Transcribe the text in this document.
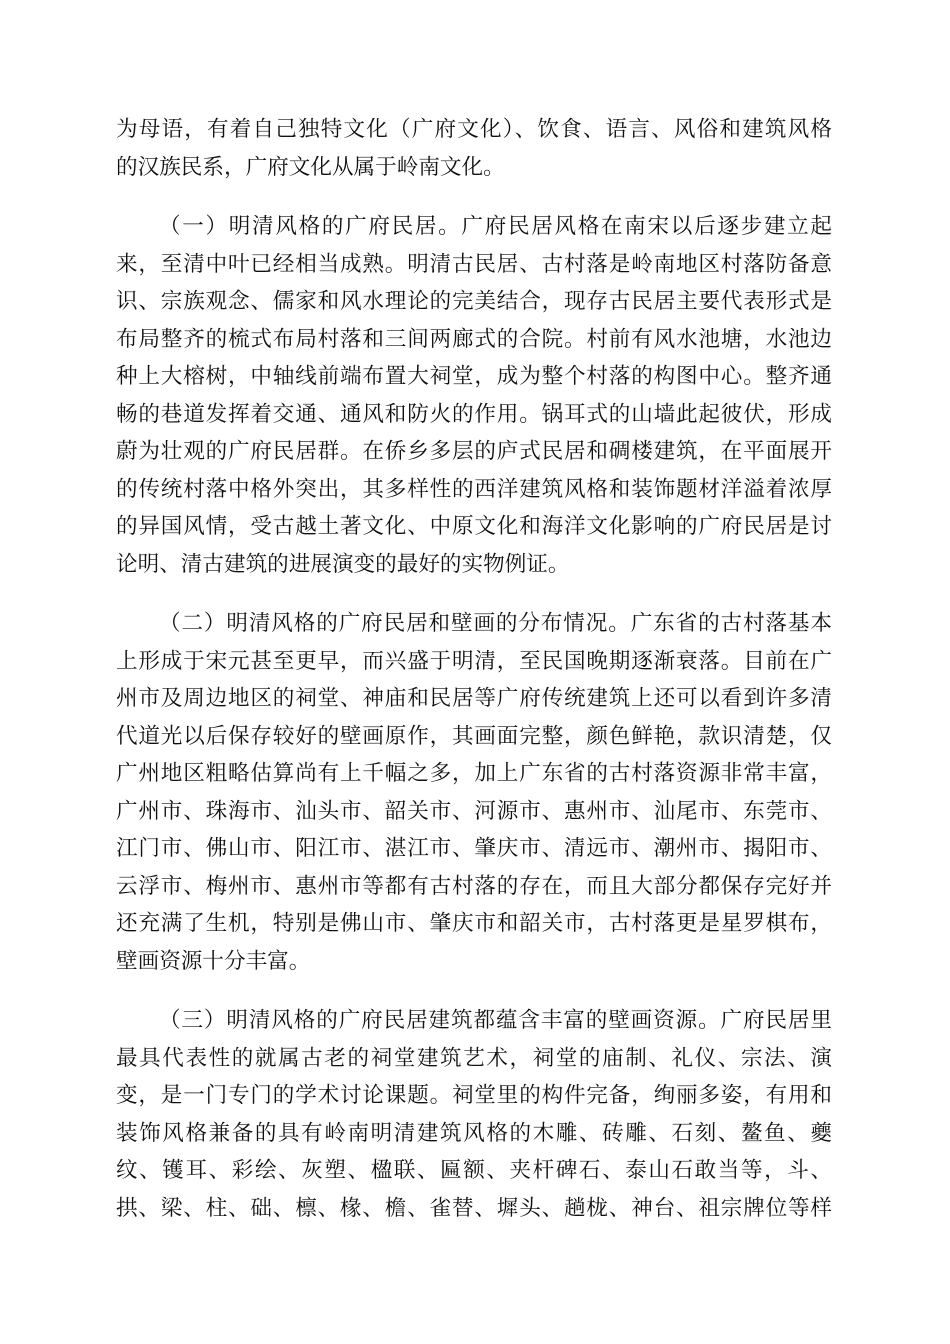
为母语，有着自己独特文化（广府文化）、饮食、语言、风俗和建筑风格
的汉族民系，广府文化从属于岭南文化。
（一）明清风格的广府民居。广府民居风格在南宋以后逐步建立起
来，至清中叶已经相当成熟。明清古民居、古村落是岭南地区村落防备意
识、宗族观念、儒家和风水理论的完美结合，现存古民居主要代表形式是
布局整齐的梳式布局村落和三间两廊式的合院。村前有风水池塘，水池边
种上大榕树，中轴线前端布置大祠堂，成为整个村落的构图中心。整齐通
畅的巷道发挥着交通、通风和防火的作用。锅耳式的山墙此起彼伏，形成
蔚为壮观的广府民居群。在侨乡多层的庐式民居和碉楼建筑，在平面展开
的传统村落中格外突出，其多样性的西洋建筑风格和装饰题材洋溢着浓厚
的异国风情，受古越土著文化、中原文化和海洋文化影响的广府民居是讨
论明、清古建筑的进展演变的最好的实物例证。
（二）明清风格的广府民居和壁画的分布情况。广东省的古村落基本
上形成于宋元甚至更早，而兴盛于明清，至民国晚期逐渐衰落。目前在广
州市及周边地区的祠堂、神庙和民居等广府传统建筑上还可以看到许多清
代道光以后保存较好的壁画原作，其画面完整，颜色鲜艳，款识清楚，仅
广州地区粗略估算尚有上千幅之多，加上广东省的古村落资源非常丰富，
广州市、珠海市、汕头市、韶关市、河源市、惠州市、汕尾市、东莞市、
江门市、佛山市、阳江市、湛江市、肇庆市、清远市、潮州市、揭阳市、
云浮市、梅州市、惠州市等都有古村落的存在，而且大部分都保存完好并
还充满了生机，特别是佛山市、肇庆市和韶关市，古村落更是星罗棋布，
壁画资源十分丰富。
（三）明清风格的广府民居建筑都蕴含丰富的壁画资源。广府民居里
最具代表性的就属古老的祠堂建筑艺术，祠堂的庙制、礼仪、宗法、演
变，是一门专门的学术讨论课题。祠堂里的构件完备，绚丽多姿，有用和
装饰风格兼备的具有岭南明清建筑风格的木雕、砖雕、石刻、鳌鱼、夔
纹、镬耳、彩绘、灰塑、楹联、匾额、夹杆碑石、泰山石敢当等，斗、
拱、梁、柱、础、檩、椽、檐、雀替、墀头、趟栊、神台、祖宗牌位等样
